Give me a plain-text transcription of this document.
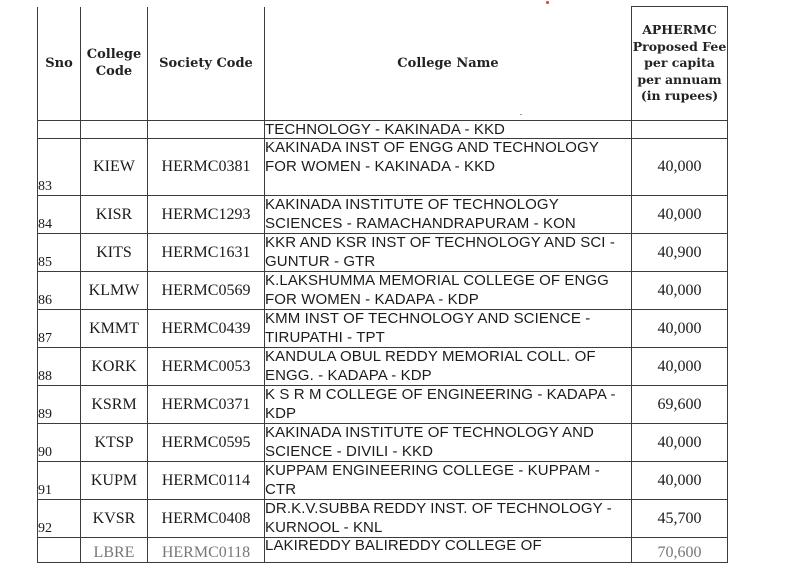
Sno	College Code	Society Code	College Name	APHERMC Proposed Fee per capita per annuam (in rupees)
			TECHNOLOGY - KAKINADA - KKD	
83	KIEW	HERMC0381	KAKINADA INST OF ENGG AND TECHNOLOGY FOR WOMEN - KAKINADA - KKD	40,000
84	KISR	HERMC1293	KAKINADA INSTITUTE OF TECHNOLOGY SCIENCES - RAMACHANDRAPURAM - KON	40,000
85	KITS	HERMC1631	KKR AND KSR INST OF TECHNOLOGY AND SCI - GUNTUR - GTR	40,900
86	KLMW	HERMC0569	K.LAKSHUMMA MEMORIAL COLLEGE OF ENGG FOR WOMEN - KADAPA - KDP	40,000
87	KMMT	HERMC0439	KMM INST OF TECHNOLOGY AND SCIENCE - TIRUPATHI - TPT	40,000
88	KORK	HERMC0053	KANDULA OBUL REDDY MEMORIAL COLL. OF ENGG. - KADAPA - KDP	40,000
89	KSRM	HERMC0371	K S R M COLLEGE OF ENGINEERING - KADAPA - KDP	69,600
90	KTSP	HERMC0595	KAKINADA INSTITUTE OF TECHNOLOGY AND SCIENCE - DIVILI - KKD	40,000
91	KUPM	HERMC0114	KUPPAM ENGINEERING COLLEGE - KUPPAM - CTR	40,000
92	KVSR	HERMC0408	DR.K.V.SUBBA REDDY INST. OF TECHNOLOGY - KURNOOL - KNL	45,700
	LBRE	HERMC0118	LAKIREDDY BALIREDDY COLLEGE OF	70,600
